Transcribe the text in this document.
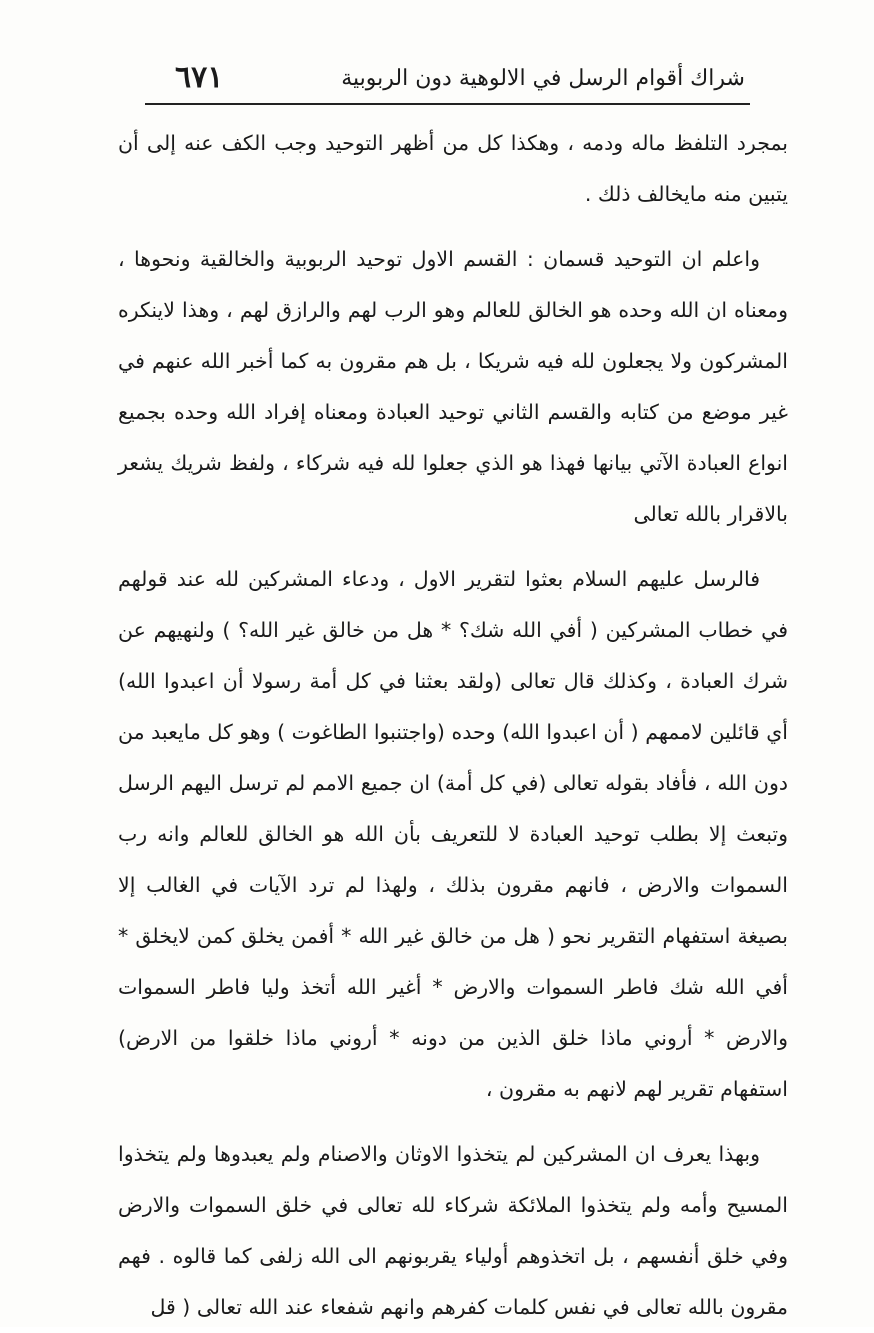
شراك أقوام الرسل في الالوهية دون الربوبية
٦٧١

بمجرد التلفظ ماله ودمه ، وهكذا كل من أظهر التوحيد وجب الكف عنه إلى أن يتبين منه مايخالف ذلك .

واعلم ان التوحيد قسمان : القسم الاول توحيد الربوبية والخالقية ونحوها ، ومعناه ان الله وحده هو الخالق للعالم وهو الرب لهم والرازق لهم ، وهذا لاينكره المشركون ولا يجعلون لله فيه شريكا ، بل هم مقرون به كما أخبر الله عنهم في غير موضع من كتابه والقسم الثاني توحيد العبادة ومعناه إفراد الله وحده بجميع انواع العبادة الآتي بيانها فهذا هو الذي جعلوا لله فيه شركاء ، ولفظ شريك يشعر بالاقرار بالله تعالى

فالرسل عليهم السلام بعثوا لتقرير الاول ، ودعاء المشركين لله عند قولهم في خطاب المشركين ( أفي الله شك؟ * هل من خالق غير الله؟ ) ولنهيهم عن شرك العبادة ، وكذلك قال تعالى (ولقد بعثنا في كل أمة رسولا أن اعبدوا الله) أي قائلين لاممهم ( أن اعبدوا الله) وحده (واجتنبوا الطاغوت ) وهو كل مايعبد من دون الله ، فأفاد بقوله تعالى (في كل أمة) ان جميع الامم لم ترسل اليهم الرسل وتبعث إلا بطلب توحيد العبادة لا للتعريف بأن الله هو الخالق للعالم وانه رب السموات والارض ، فانهم مقرون بذلك ، ولهذا لم ترد الآيات في الغالب إلا بصيغة استفهام التقرير نحو ( هل من خالق غير الله * أفمن يخلق كمن لايخلق * أفي الله شك فاطر السموات والارض * أغير الله أتخذ وليا فاطر السموات والارض * أروني ماذا خلق الذين من دونه * أروني ماذا خلقوا من الارض) استفهام تقرير لهم لانهم به مقرون ،

وبهذا يعرف ان المشركين لم يتخذوا الاوثان والاصنام ولم يعبدوها ولم يتخذوا المسيح وأمه ولم يتخذوا الملائكة شركاء لله تعالى في خلق السموات والارض وفي خلق أنفسهم ، بل اتخذوهم أولياء يقربونهم الى الله زلفى كما قالوه . فهم مقرون بالله تعالى في نفس كلمات كفرهم وانهم شفعاء عند الله تعالى ( قل
